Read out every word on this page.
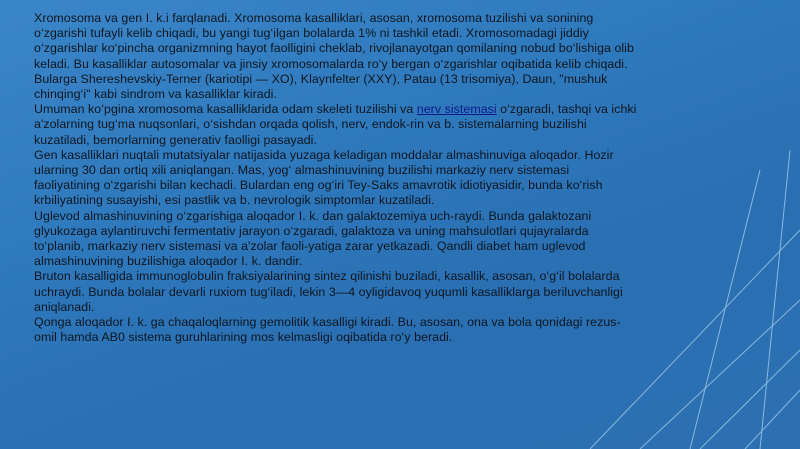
Xromosoma va gen I. k.i farqlanadi. Xromosoma kasalliklari, asosan, xromosoma tuzilishi va sonining
o‘zgarishi tufayli kelib chiqadi, bu yangi tug‘ilgan bolalarda 1% ni tashkil etadi. Xromosomadagi jiddiy
o‘zgarishlar ko‘pincha organizmning hayot faolligini cheklab, rivojlanayotgan qomilaning nobud bo‘lishiga olib
keladi. Bu kasalliklar autosomalar va jinsiy xromosomalarda ro‘y bergan o‘zgarishlar oqibatida kelib chiqadi.
Bularga Shereshevskiy-Terner (kariotipi — XO), Klaynfelter (XXY), Patau (13 trisomiya), Daun, "mushuk
chinqing‘i" kabi sindrom va kasalliklar kiradi.

Umuman ko‘pgina xromosoma kasalliklarida odam skeleti tuzilishi va nerv sistemasi o‘zgaradi, tashqi va ichki
a'zolarning tug‘ma nuqsonlari, o‘sishdan orqada qolish, nerv, endok-rin va b. sistemalarning buzilishi
kuzatiladi, bemorlarning generativ faolligi pasayadi.

Gen kasalliklari nuqtali mutatsiyalar natijasida yuzaga keladigan moddalar almashinuviga aloqador. Hozir
ularning 30 dan ortiq xili aniqlangan. Mas, yog‘ almashinuvining buzilishi markaziy nerv sistemasi
faoliyatining o‘zgarishi bilan kechadi. Bulardan eng og‘iri Tey-Saks amavrotik idiotiyasidir, bunda ko‘rish
krbiliyatining susayishi, esi pastlik va b. nevrologik simptomlar kuzatiladi.

Uglevod almashinuvining o‘zgarishiga aloqador I. k. dan galaktozemiya uch-raydi. Bunda galaktozani
glyukozaga aylantiruvchi fermentativ jarayon o‘zgaradi, galaktoza va uning mahsulotlari qujayralarda
to‘planib, markaziy nerv sistemasi va a'zolar faoli-yatiga zarar yetkazadi. Qandli diabet ham uglevod
almashinuvining buzilishiga aloqador I. k. dandir.

Bruton kasalligida immunoglobulin fraksiyalarining sintez qilinishi buziladi, kasallik, asosan, o‘g‘il bolalarda
uchraydi. Bunda bolalar devarli ruxiom tug‘iladi, lekin 3—4 oyligidavoq yuqumli kasalliklarga beriluvchanligi
aniqlanadi.

Qonga aloqador I. k. ga chaqaloqlarning gemolitik kasalligi kiradi. Bu, asosan, ona va bola qonidagi rezus-
omil hamda AB0 sistema guruhlarining mos kelmasligi oqibatida ro‘y beradi.
